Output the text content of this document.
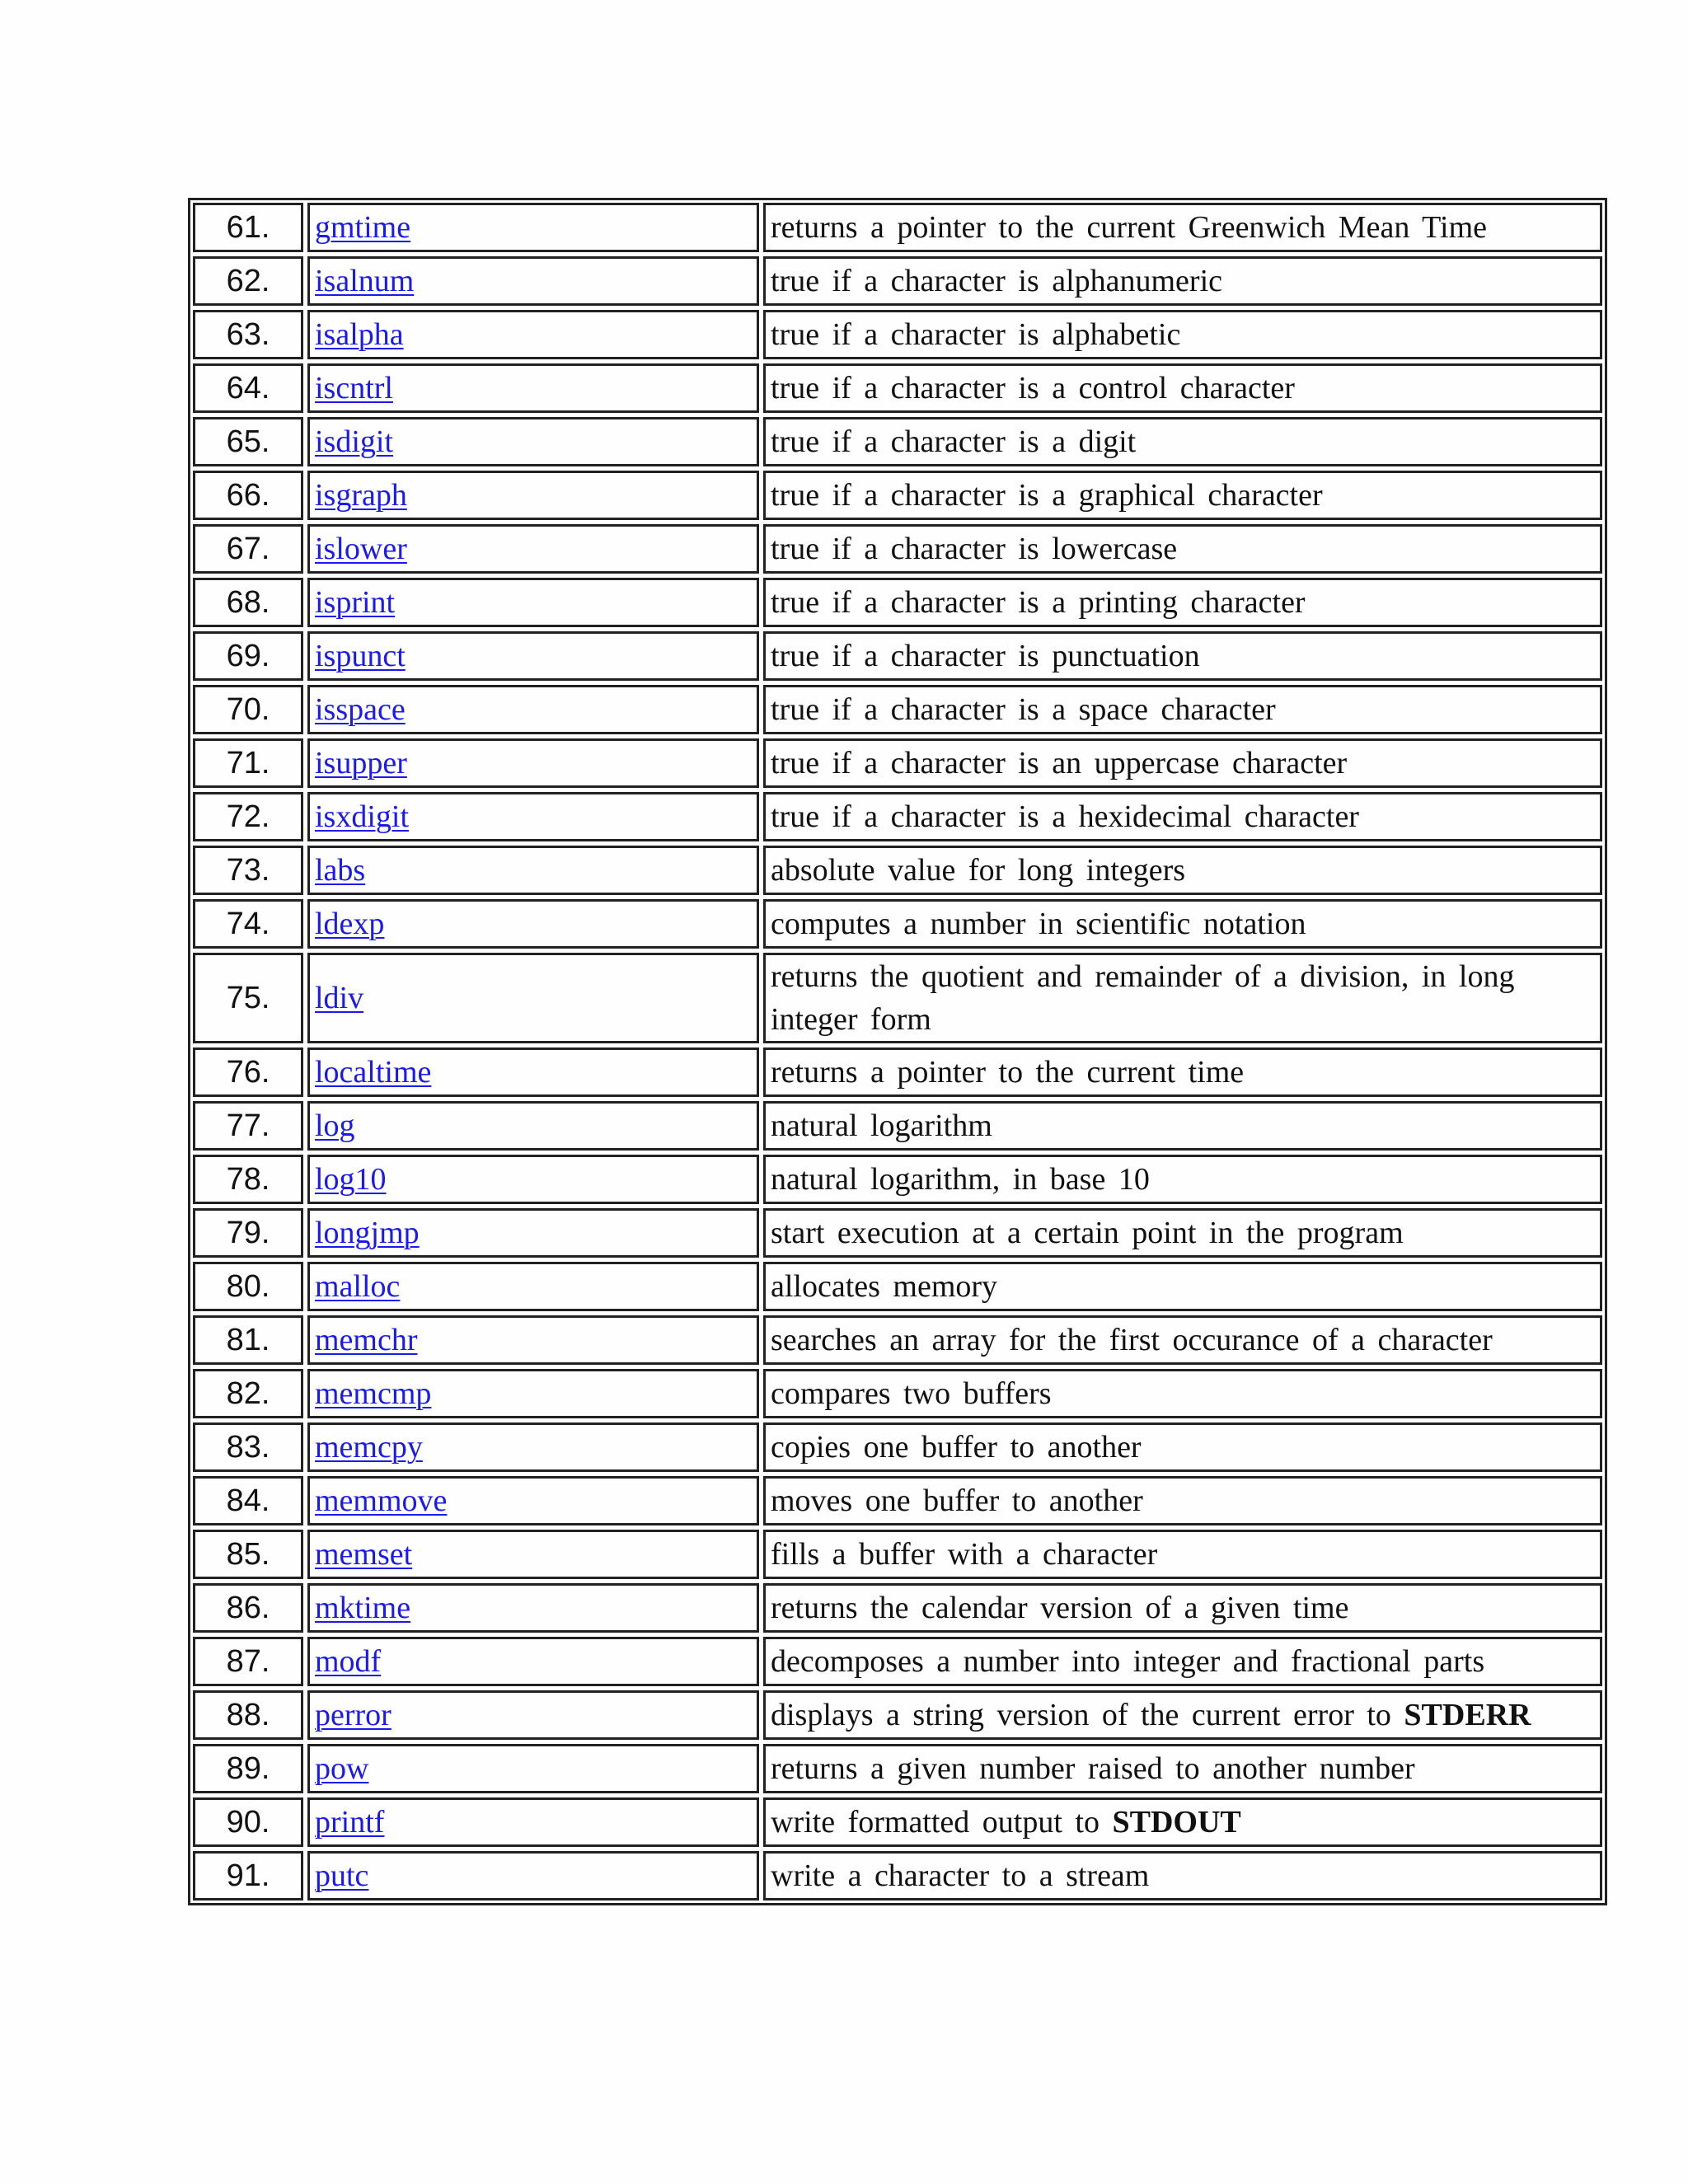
61.	gmtime	returns a pointer to the current Greenwich Mean Time
62.	isalnum	true if a character is alphanumeric
63.	isalpha	true if a character is alphabetic
64.	iscntrl	true if a character is a control character
65.	isdigit	true if a character is a digit
66.	isgraph	true if a character is a graphical character
67.	islower	true if a character is lowercase
68.	isprint	true if a character is a printing character
69.	ispunct	true if a character is punctuation
70.	isspace	true if a character is a space character
71.	isupper	true if a character is an uppercase character
72.	isxdigit	true if a character is a hexidecimal character
73.	labs	absolute value for long integers
74.	ldexp	computes a number in scientific notation
75.	ldiv	returns the quotient and remainder of a division, in long integer form
76.	localtime	returns a pointer to the current time
77.	log	natural logarithm
78.	log10	natural logarithm, in base 10
79.	longjmp	start execution at a certain point in the program
80.	malloc	allocates memory
81.	memchr	searches an array for the first occurance of a character
82.	memcmp	compares two buffers
83.	memcpy	copies one buffer to another
84.	memmove	moves one buffer to another
85.	memset	fills a buffer with a character
86.	mktime	returns the calendar version of a given time
87.	modf	decomposes a number into integer and fractional parts
88.	perror	displays a string version of the current error to STDERR
89.	pow	returns a given number raised to another number
90.	printf	write formatted output to STDOUT
91.	putc	write a character to a stream
